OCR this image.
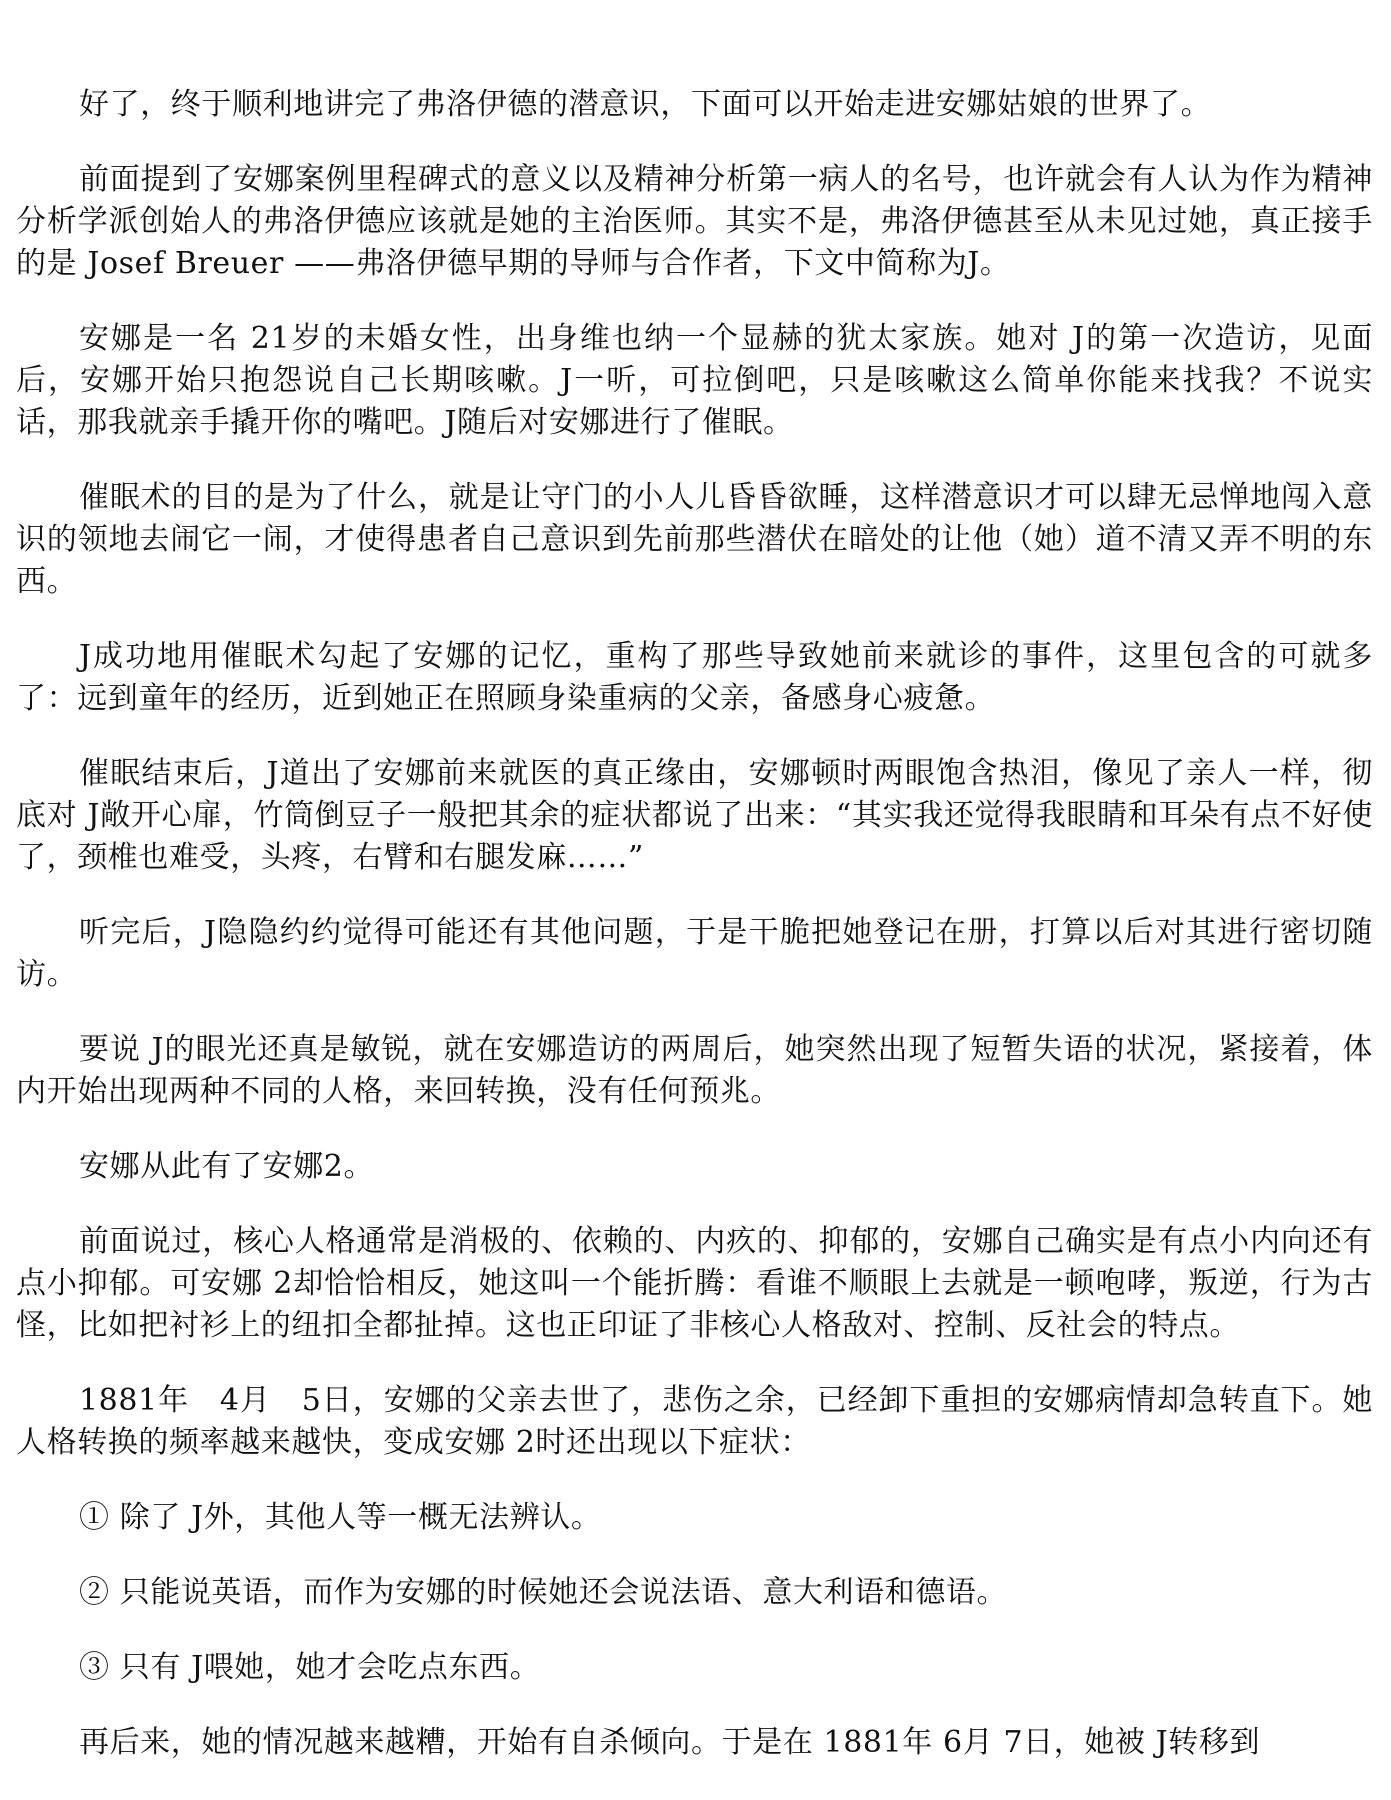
好了，终于顺利地讲完了弗洛伊德的潜意识，下面可以开始走进安娜姑娘的世界了。

前面提到了安娜案例里程碑式的意义以及精神分析第一病人的名号，也许就会有人认为作为精神分析学派创始人的弗洛伊德应该就是她的主治医师。其实不是，弗洛伊德甚至从未见过她，真正接手的是 Josef Breuer ——弗洛伊德早期的导师与合作者，下文中简称为J。

安娜是一名 21岁的未婚女性，出身维也纳一个显赫的犹太家族。她对 J的第一次造访，见面后，安娜开始只抱怨说自己长期咳嗽。J一听，可拉倒吧，只是咳嗽这么简单你能来找我？不说实话，那我就亲手撬开你的嘴吧。J随后对安娜进行了催眠。

催眠术的目的是为了什么，就是让守门的小人儿昏昏欲睡，这样潜意识才可以肆无忌惮地闯入意识的领地去闹它一闹，才使得患者自己意识到先前那些潜伏在暗处的让他（她）道不清又弄不明的东西。

J成功地用催眠术勾起了安娜的记忆，重构了那些导致她前来就诊的事件，这里包含的可就多了：远到童年的经历，近到她正在照顾身染重病的父亲，备感身心疲惫。

催眠结束后，J道出了安娜前来就医的真正缘由，安娜顿时两眼饱含热泪，像见了亲人一样，彻底对 J敞开心扉，竹筒倒豆子一般把其余的症状都说了出来：“其实我还觉得我眼睛和耳朵有点不好使了，颈椎也难受，头疼，右臂和右腿发麻……”

听完后，J隐隐约约觉得可能还有其他问题，于是干脆把她登记在册，打算以后对其进行密切随访。

要说 J的眼光还真是敏锐，就在安娜造访的两周后，她突然出现了短暂失语的状况，紧接着，体内开始出现两种不同的人格，来回转换，没有任何预兆。

安娜从此有了安娜2。

前面说过，核心人格通常是消极的、依赖的、内疚的、抑郁的，安娜自己确实是有点小内向还有点小抑郁。可安娜 2却恰恰相反，她这叫一个能折腾：看谁不顺眼上去就是一顿咆哮，叛逆，行为古怪，比如把衬衫上的纽扣全都扯掉。这也正印证了非核心人格敌对、控制、反社会的特点。

1881年　4月　5日，安娜的父亲去世了，悲伤之余，已经卸下重担的安娜病情却急转直下。她人格转换的频率越来越快，变成安娜 2时还出现以下症状：

① 除了 J外，其他人等一概无法辨认。

② 只能说英语，而作为安娜的时候她还会说法语、意大利语和德语。

③ 只有 J喂她，她才会吃点东西。

再后来，她的情况越来越糟，开始有自杀倾向。于是在 1881年 6月 7日，她被 J转移到
